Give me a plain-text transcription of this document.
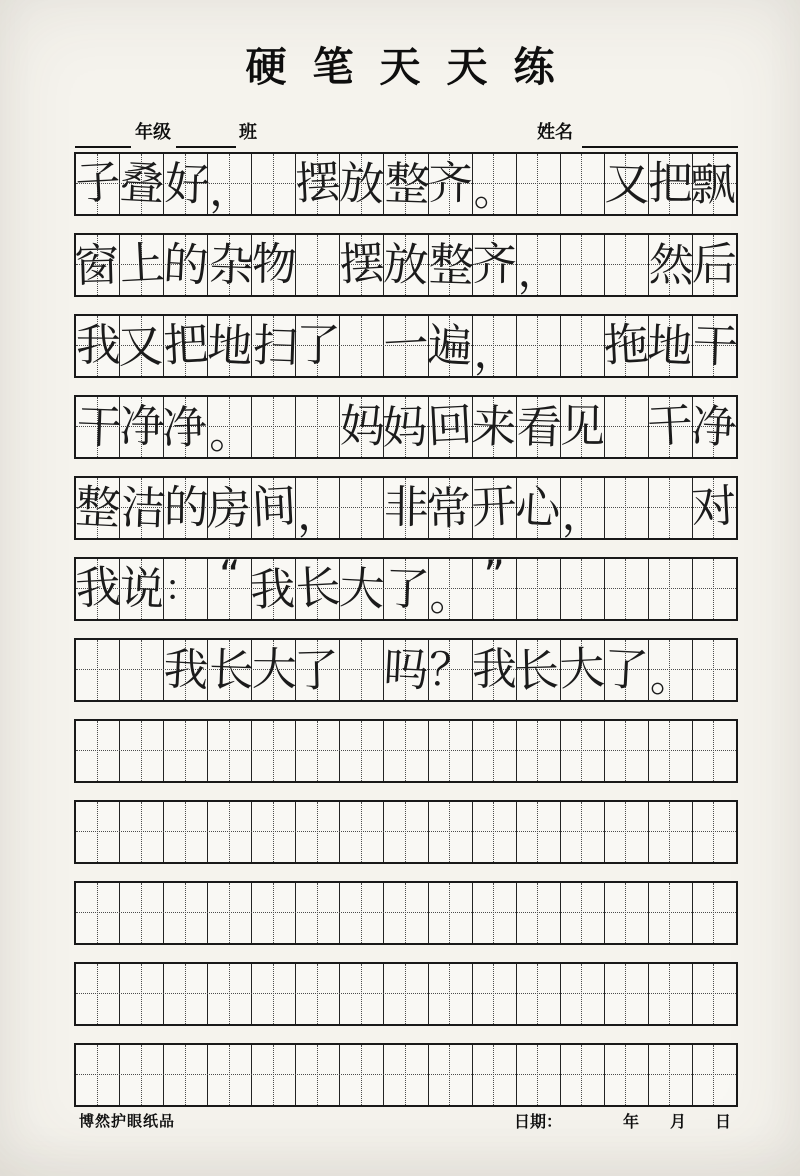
硬笔天天练
年级	班	姓名
子
叠
好
， 摆
放
整
齐 。 又
把
飘
窗
上
的
杂
物 摆
放
整
齐 ， 然
后
我
又
把
地
扫
了 一
遍 ， 拖
地
干
干
净
净 。 妈
妈
回
来
看
见 干
净
整
洁
的
房
间 ， 非
常
开
心 ， 对
我
说
： “ 我
长
大
了
。 ”
我
长
大
了 吗
？
我
长
大
了 。
博然护眼纸品	日期：	年 月 日
